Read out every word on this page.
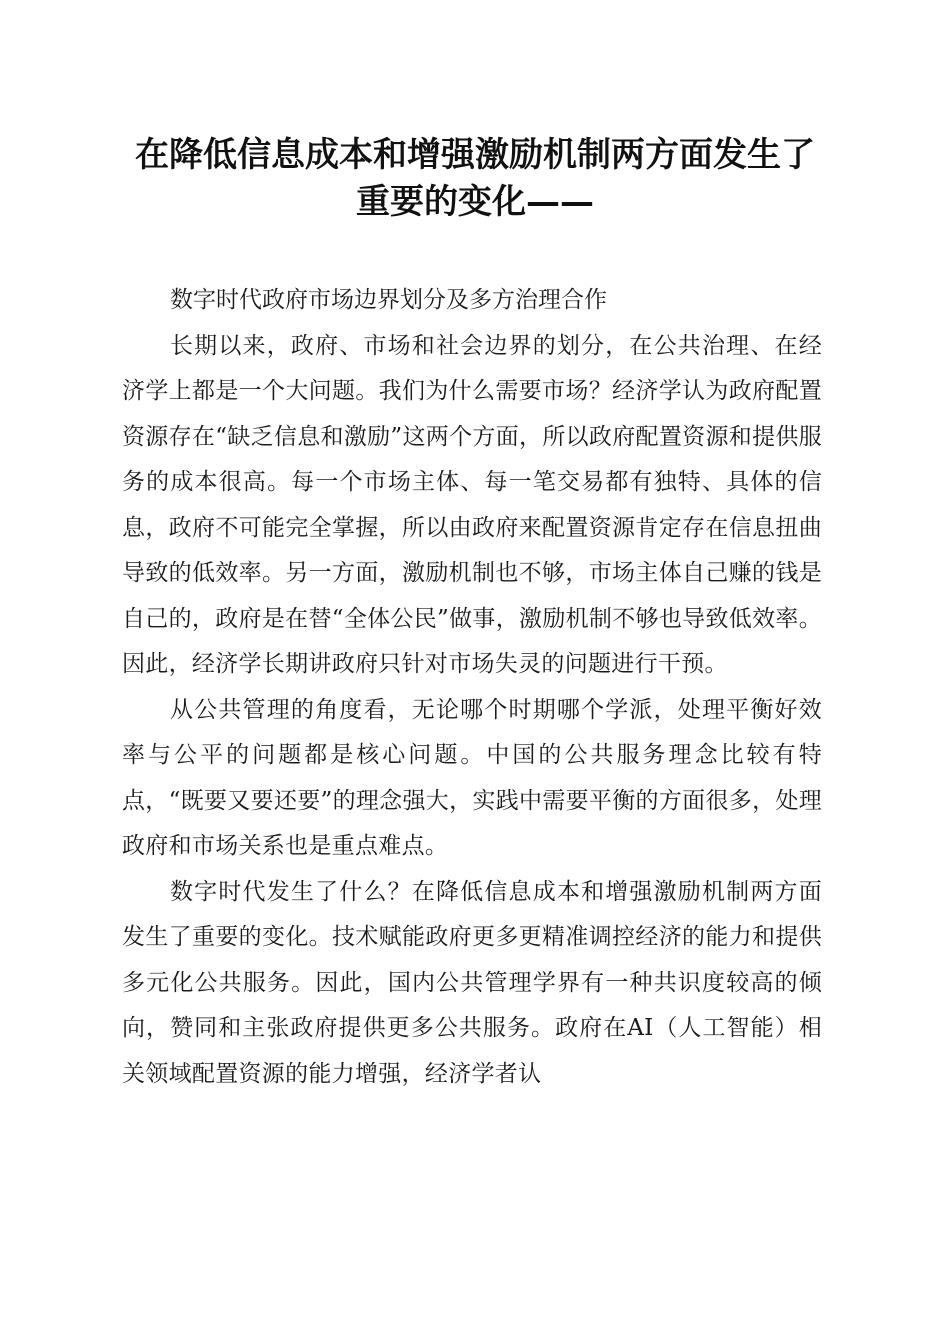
在降低信息成本和增强激励机制两方面发生了
重要的变化——

数字时代政府市场边界划分及多方治理合作

长期以来，政府、市场和社会边界的划分，在公共治理、在经济学上都是一个大问题。我们为什么需要市场？经济学认为政府配置资源存在“缺乏信息和激励”这两个方面，所以政府配置资源和提供服务的成本很高。每一个市场主体、每一笔交易都有独特、具体的信息，政府不可能完全掌握，所以由政府来配置资源肯定存在信息扭曲导致的低效率。另一方面，激励机制也不够，市场主体自己赚的钱是自己的，政府是在替“全体公民”做事，激励机制不够也导致低效率。因此，经济学长期讲政府只针对市场失灵的问题进行干预。

从公共管理的角度看，无论哪个时期哪个学派，处理平衡好效率与公平的问题都是核心问题。中国的公共服务理念比较有特点，“既要又要还要”的理念强大，实践中需要平衡的方面很多，处理政府和市场关系也是重点难点。

数字时代发生了什么？在降低信息成本和增强激励机制两方面发生了重要的变化。技术赋能政府更多更精准调控经济的能力和提供多元化公共服务。因此，国内公共管理学界有一种共识度较高的倾向，赞同和主张政府提供更多公共服务。政府在AI（人工智能）相关领域配置资源的能力增强，经济学者认
